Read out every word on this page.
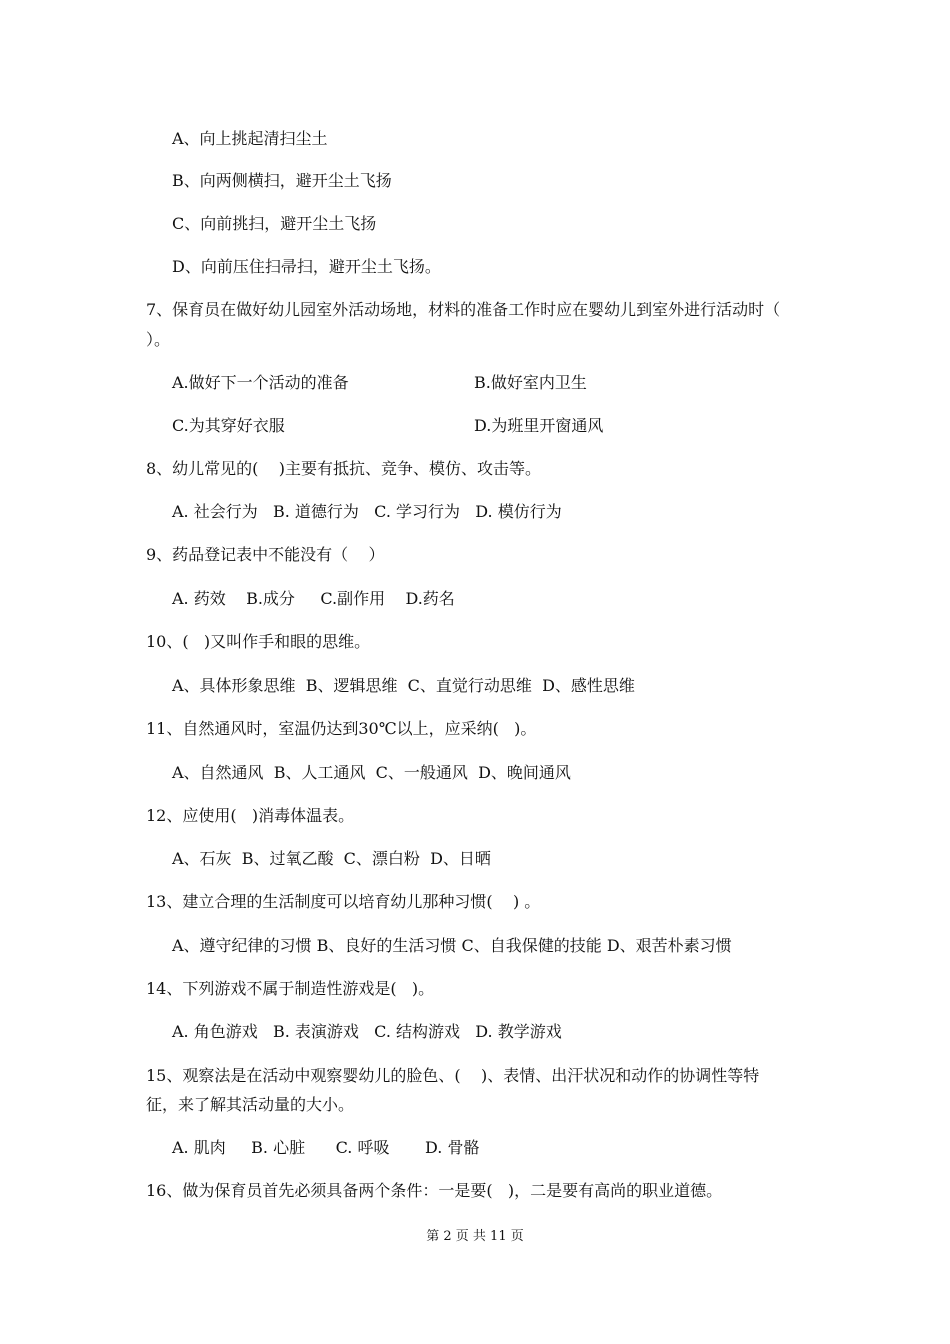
A、向上挑起清扫尘土
B、向两侧横扫，避开尘土飞扬
C、向前挑扫，避开尘土飞扬
D、向前压住扫帚扫，避开尘土飞扬。
7、保育员在做好幼儿园室外活动场地，材料的准备工作时应在婴幼儿到室外进行活动时（
）。
A.做好下一个活动的准备	B.做好室内卫生
C.为其穿好衣服	D.为班里开窗通风
8、幼儿常见的(    )主要有抵抗、竞争、模仿、攻击等。
A. 社会行为   B. 道德行为   C. 学习行为   D. 模仿行为
9、药品登记表中不能没有（    ）
A. 药效    B.成分     C.副作用    D.药名
10、(   )又叫作手和眼的思维。
A、具体形象思维  B、逻辑思维  C、直觉行动思维  D、感性思维
11、自然通风时，室温仍达到30℃以上，应采纳(   )。
A、自然通风  B、人工通风  C、一般通风  D、晚间通风
12、应使用(   )消毒体温表。
A、石灰  B、过氧乙酸  C、漂白粉  D、日晒
13、建立合理的生活制度可以培育幼儿那种习惯(    ) 。
A、遵守纪律的习惯 B、良好的生活习惯 C、自我保健的技能 D、艰苦朴素习惯
14、下列游戏不属于制造性游戏是(   )。
A. 角色游戏   B. 表演游戏   C. 结构游戏   D. 教学游戏
15、观察法是在活动中观察婴幼儿的脸色、(    )、表情、出汗状况和动作的协调性等特
征，来了解其活动量的大小。
A. 肌肉     B. 心脏      C. 呼吸       D. 骨骼
16、做为保育员首先必须具备两个条件：一是要(   )，二是要有高尚的职业道德。
第 2 页 共 11 页
